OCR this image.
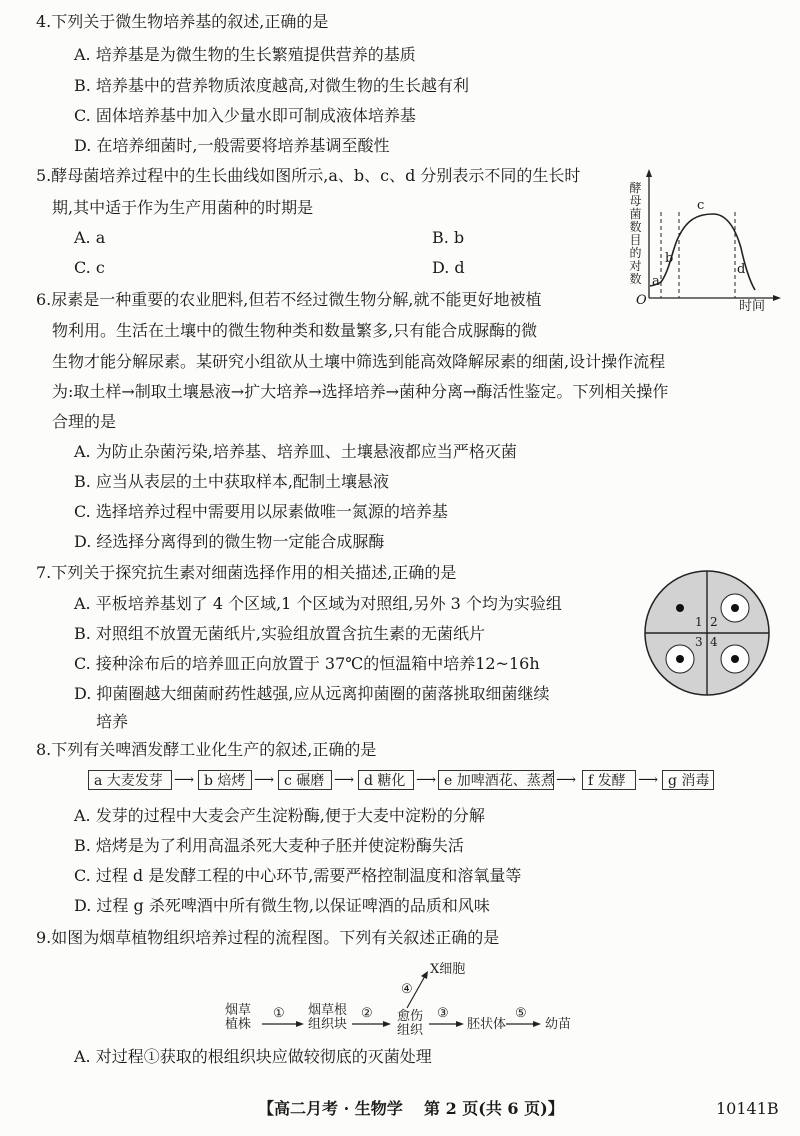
4.下列关于微生物培养基的叙述,正确的是
A. 培养基是为微生物的生长繁殖提供营养的基质
B. 培养基中的营养物质浓度越高,对微生物的生长越有利
C. 固体培养基中加入少量水即可制成液体培养基
D. 在培养细菌时,一般需要将培养基调至酸性
5.酵母菌培养过程中的生长曲线如图所示,a、b、c、d 分别表示不同的生长时
期,其中适于作为生产用菌种的时期是
A. a	B. b
C. c	D. d
酵母菌数目的对数 a
b
c
d
O	时间
6.尿素是一种重要的农业肥料,但若不经过微生物分解,就不能更好地被植
物利用。生活在土壤中的微生物种类和数量繁多,只有能合成脲酶的微
生物才能分解尿素。某研究小组欲从土壤中筛选到能高效降解尿素的细菌,设计操作流程
为:取土样→制取土壤悬液→扩大培养→选择培养→菌种分离→酶活性鉴定。下列相关操作
合理的是
A. 为防止杂菌污染,培养基、培养皿、土壤悬液都应当严格灭菌
B. 应当从表层的土中获取样本,配制土壤悬液
C. 选择培养过程中需要用以尿素做唯一氮源的培养基
D. 经选择分离得到的微生物一定能合成脲酶
7.下列关于探究抗生素对细菌选择作用的相关描述,正确的是
A. 平板培养基划了 4 个区域,1 个区域为对照组,另外 3 个均为实验组
B. 对照组不放置无菌纸片,实验组放置含抗生素的无菌纸片
C. 接种涂布后的培养皿正向放置于 37℃的恒温箱中培养12~16h
D. 抑菌圈越大细菌耐药性越强,应从远离抑菌圈的菌落挑取细菌继续
培养
1 2
3 4
8.下列有关啤酒发酵工业化生产的叙述,正确的是
a 大麦发芽 ⟶ b 焙烤 ⟶ c 碾磨 ⟶ d 糖化 ⟶ e 加啤酒花、蒸煮 ⟶ f 发酵 ⟶ g 消毒
A. 发芽的过程中大麦会产生淀粉酶,便于大麦中淀粉的分解
B. 焙烤是为了利用高温杀死大麦种子胚并使淀粉酶失活
C. 过程 d 是发酵工程的中心环节,需要严格控制温度和溶氧量等
D. 过程 g 杀死啤酒中所有微生物,以保证啤酒的品质和风味
9.如图为烟草植物组织培养过程的流程图。下列有关叙述正确的是
烟草
植株
烟草根
组织块
愈伤
组织
X细胞
胚状体	幼苗
①	②	③
④
⑤
A. 对过程①获取的根组织块应做较彻底的灭菌处理
【高二月考 · 生物学 第 2 页(共 6 页)】	10141B
